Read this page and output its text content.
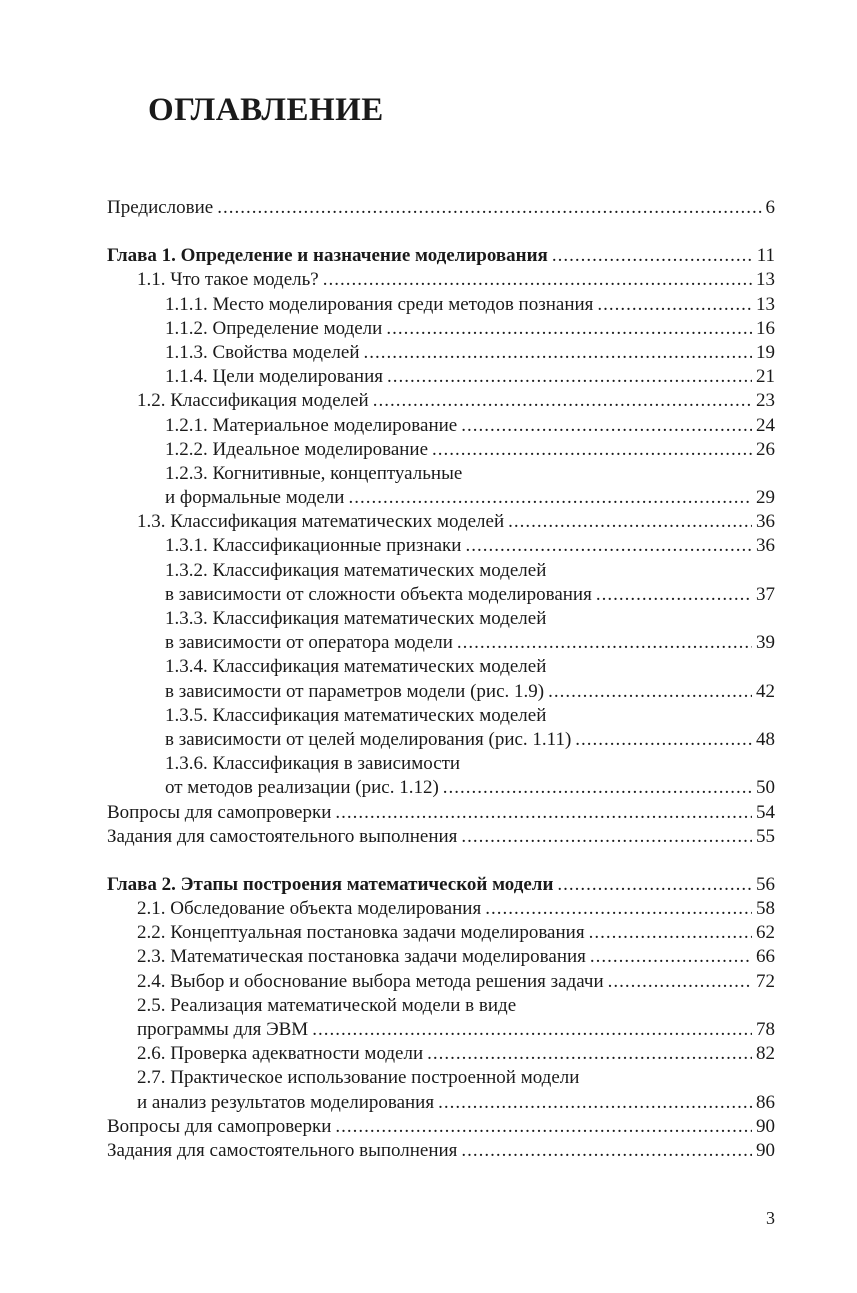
ОГЛАВЛЕНИЕ
Предисловие .....	6
Глава 1. Определение и назначение моделирования .....	11
1.1. Что такое модель? .....	13
1.1.1. Место моделирования среди методов познания .....	13
1.1.2. Определение модели .....	16
1.1.3. Свойства моделей .....	19
1.1.4. Цели моделирования .....	21
1.2. Классификация моделей .....	23
1.2.1. Материальное моделирование .....	24
1.2.2. Идеальное моделирование .....	26
1.2.3. Когнитивные, концептуальные
и формальные модели .....	29
1.3. Классификация математических моделей .....	36
1.3.1. Классификационные признаки .....	36
1.3.2. Классификация математических моделей
в зависимости от сложности объекта моделирования .....	37
1.3.3. Классификация математических моделей
в зависимости от оператора модели .....	39
1.3.4. Классификация математических моделей
в зависимости от параметров модели (рис. 1.9) .....	42
1.3.5. Классификация математических моделей
в зависимости от целей моделирования (рис. 1.11) .....	48
1.3.6. Классификация в зависимости
от методов реализации (рис. 1.12) .....	50
Вопросы для самопроверки .....	54
Задания для самостоятельного выполнения .....	55
Глава 2. Этапы построения математической модели .....	56
2.1. Обследование объекта моделирования .....	58
2.2. Концептуальная постановка задачи моделирования .....	62
2.3. Математическая постановка задачи моделирования .....	66
2.4. Выбор и обоснование выбора метода решения задачи .....	72
2.5. Реализация математической модели в виде
программы для ЭВМ .....	78
2.6. Проверка адекватности модели .....	82
2.7. Практическое использование построенной модели
и анализ результатов моделирования .....	86
Вопросы для самопроверки .....	90
Задания для самостоятельного выполнения .....	90
3
